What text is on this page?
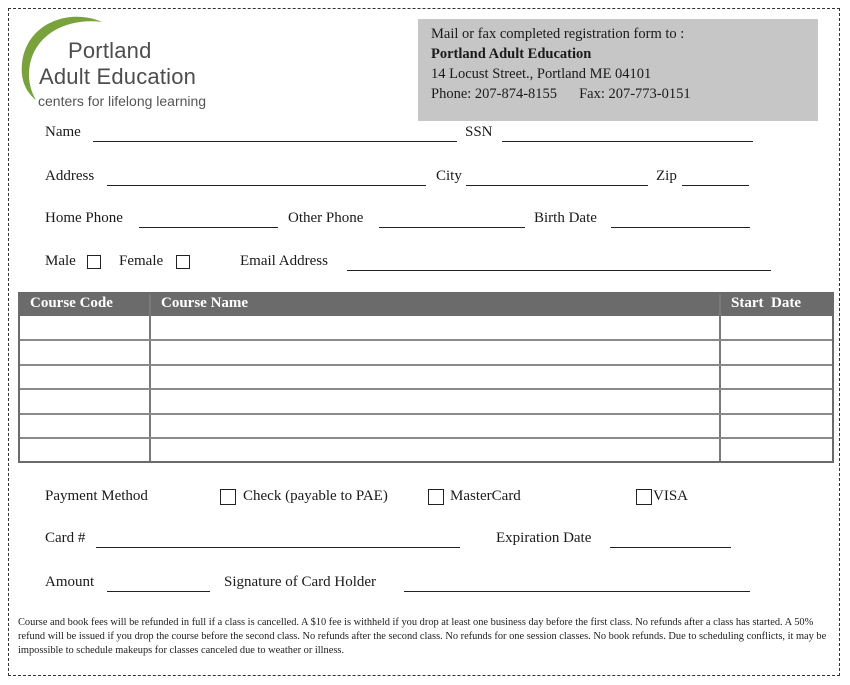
Portland
Adult Education
centers for lifelong learning
Mail or fax completed registration form to :
Portland Adult Education
14 Locust Street., Portland ME 04101
Phone: 207-874-8155 Fax: 207-773-0151
Name	SSN
Address	City	Zip
Home Phone	Other Phone	Birth Date
Male	Female	Email Address
Course Code	Course Name	Start  Date
Payment Method	Check (payable to PAE)	MasterCard	VISA
Card #	Expiration Date
Amount	Signature of Card Holder
Course and book fees will be refunded in full if a class is cancelled. A $10 fee is withheld if you drop at least one business day before the first class. No refunds after a class has started. A 50% refund will be issued if you drop the course before the second class. No refunds after the second class. No refunds for one session classes. No book refunds. Due to scheduling conflicts, it may be impossible to schedule makeups for classes canceled due to weather or illness.
